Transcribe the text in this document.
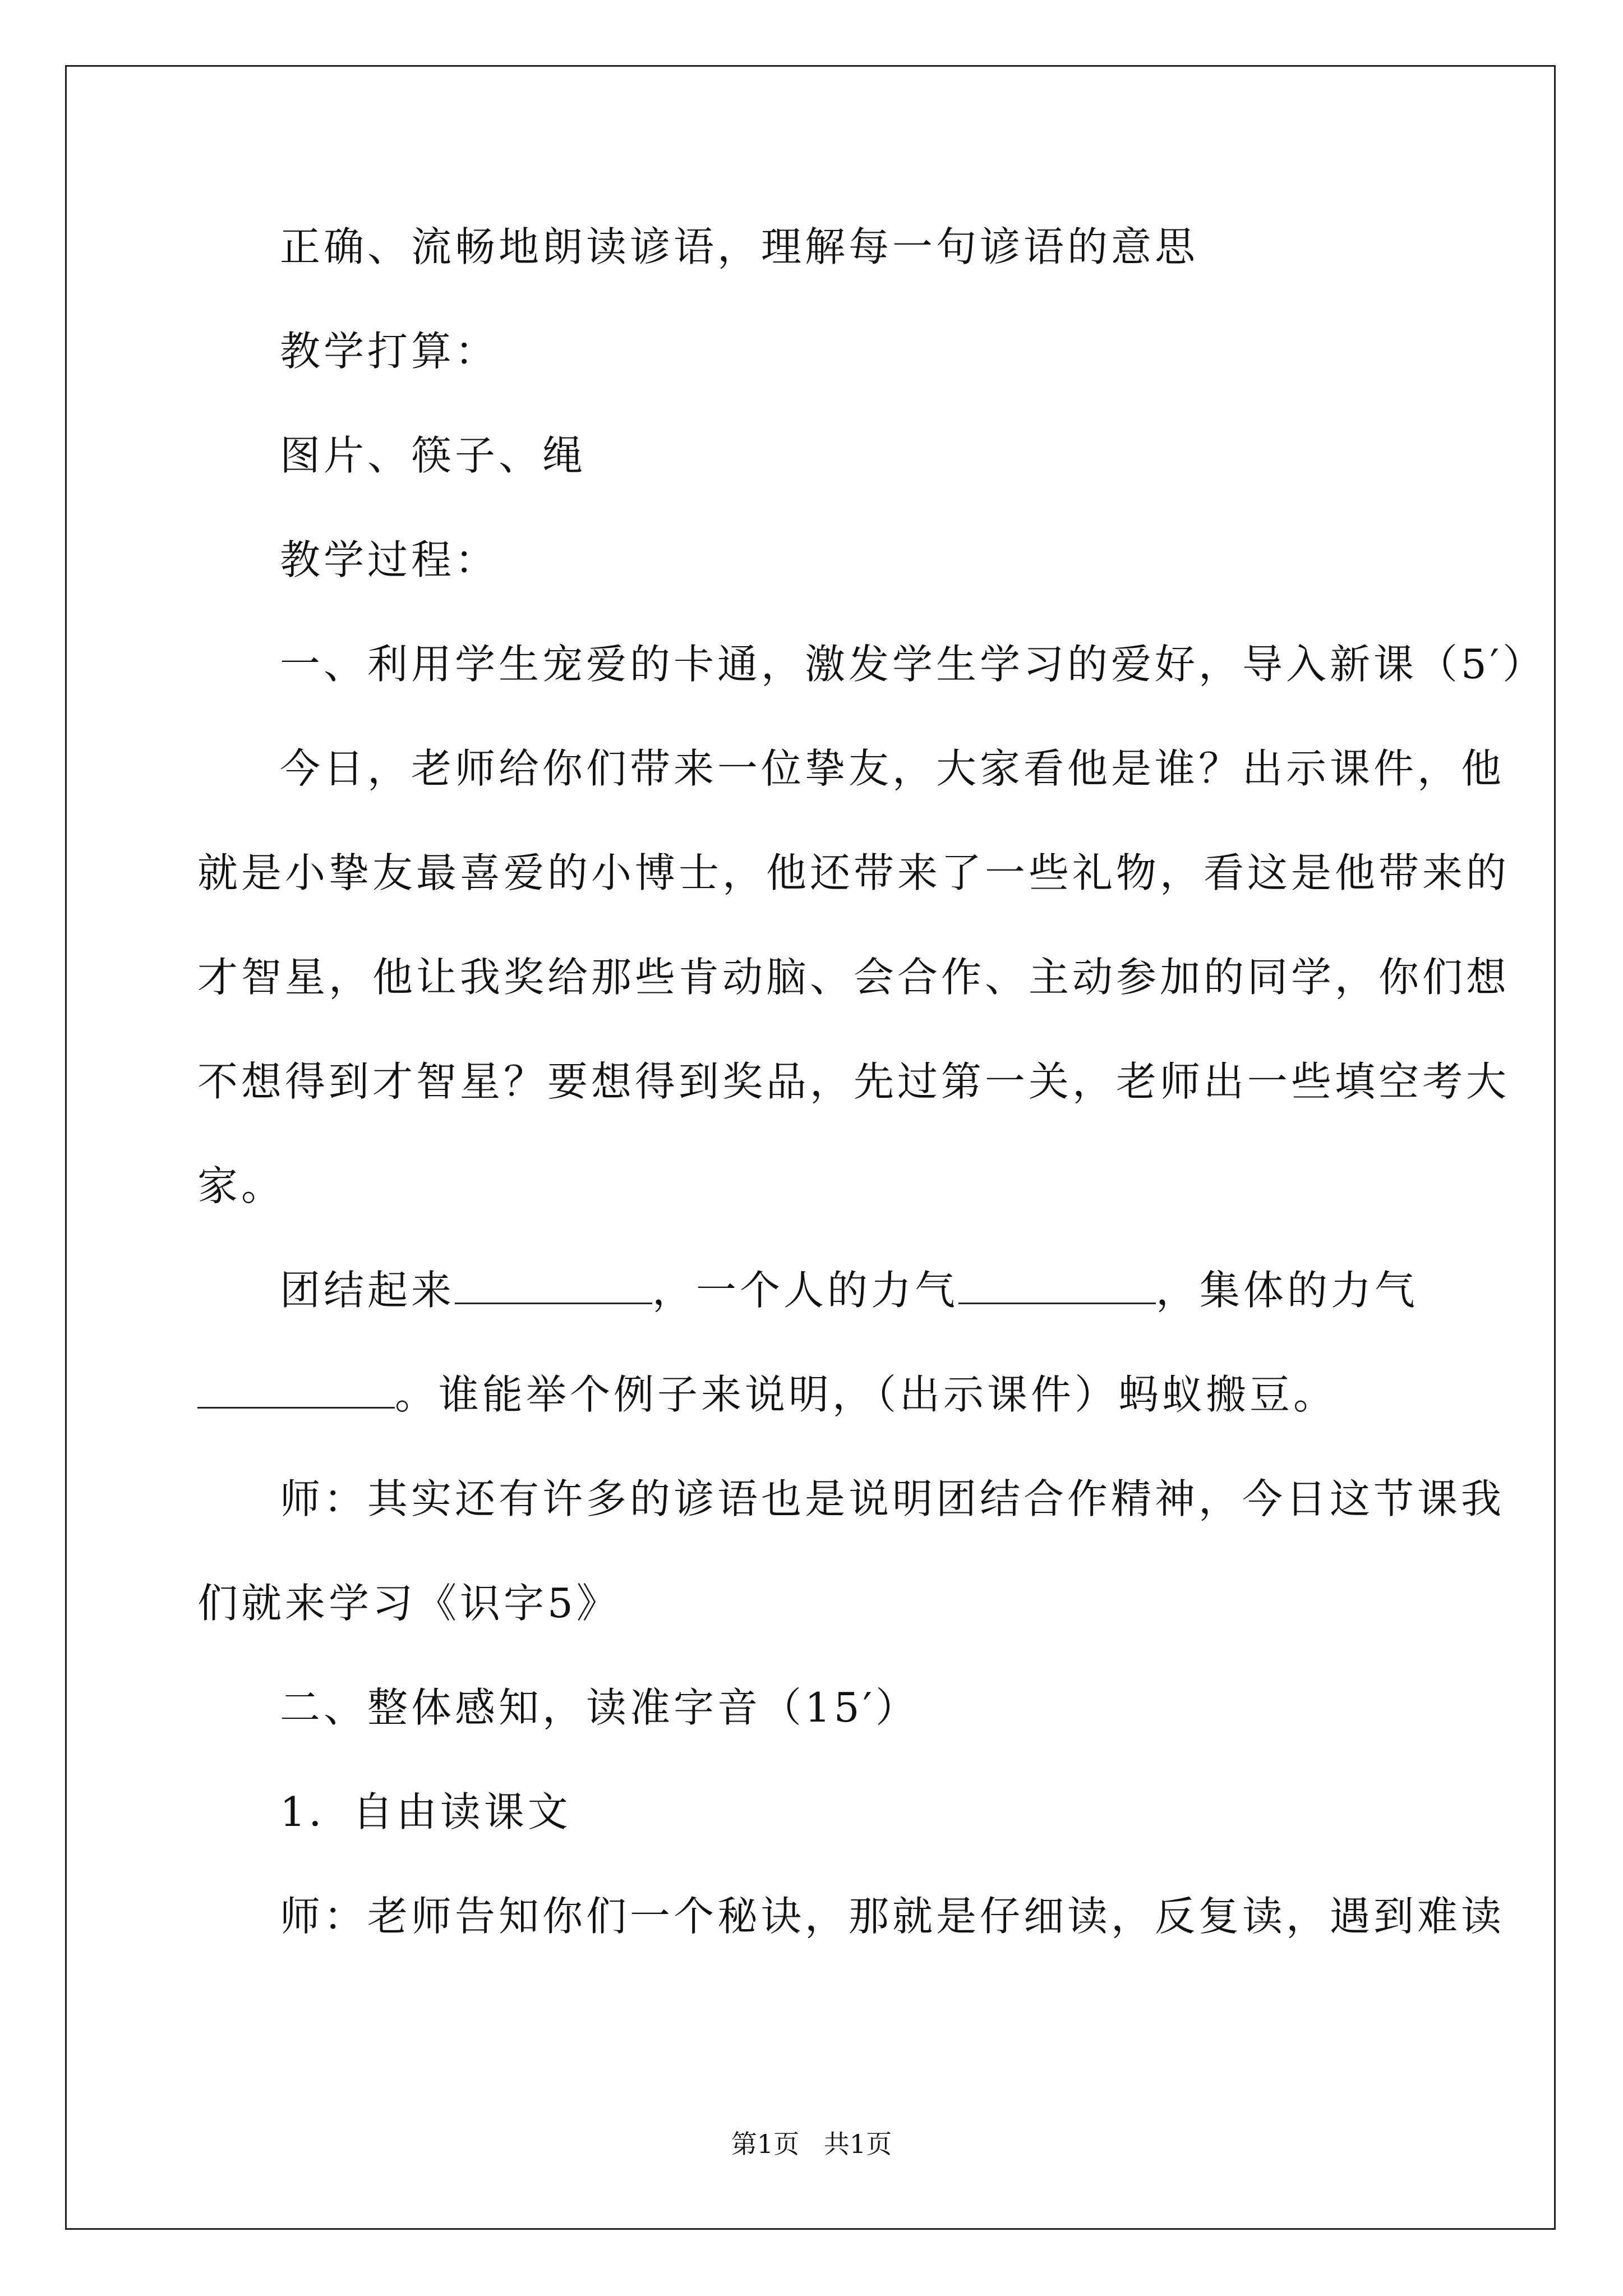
正确、流畅地朗读谚语，理解每一句谚语的意思
教学打算：
图片、筷子、绳
教学过程：
一、利用学生宠爱的卡通，激发学生学习的爱好，导入新课（5′）
今日，老师给你们带来一位挚友，大家看他是谁？出示课件，他
就是小挚友最喜爱的小博士，他还带来了一些礼物，看这是他带来的
才智星，他让我奖给那些肯动脑、会合作、主动参加的同学，你们想
不想得到才智星？要想得到奖品，先过第一关，老师出一些填空考大
家。
团结起来	，一个人的力气	，集体的力气
。谁能举个例子来说明，（出示课件）蚂蚁搬豆。
师：其实还有许多的谚语也是说明团结合作精神，今日这节课我
们就来学习《识字5》
二、整体感知，读准字音（15′）
1．自由读课文
师：老师告知你们一个秘诀，那就是仔细读，反复读，遇到难读
第1页   共1页
